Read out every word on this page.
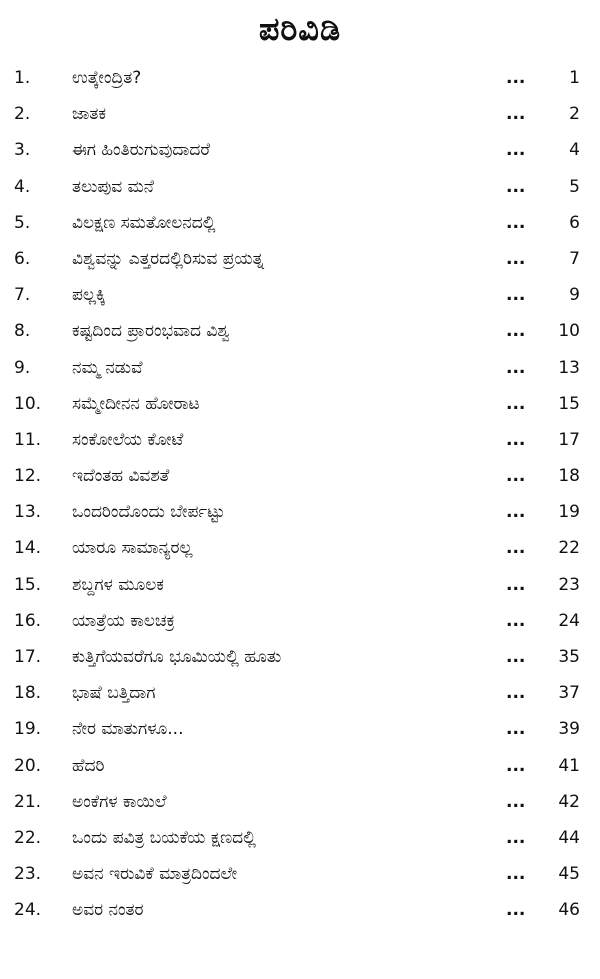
ಪರಿವಿಡಿ
1.	ಉತ್ಕೇಂದ್ರಿತ?	...	1
2.	ಜಾತಕ	...	2
3.	ಈಗ ಹಿಂತಿರುಗುವುದಾದರೆ	...	4
4.	ತಲುಪುವ ಮನೆ	...	5
5.	ವಿಲಕ್ಷಣ ಸಮತೋಲನದಲ್ಲಿ	...	6
6.	ವಿಶ್ವವನ್ನು ಎತ್ತರದಲ್ಲಿರಿಸುವ ಪ್ರಯತ್ನ	...	7
7.	ಪಲ್ಲಕ್ಕಿ	...	9
8.	ಕಷ್ಟದಿಂದ ಪ್ರಾರಂಭವಾದ ವಿಶ್ವ	...	10
9.	ನಮ್ಮ ನಡುವೆ	...	13
10.	ಸಮ್ಮೇದೀನನ ಹೋರಾಟ	...	15
11.	ಸಂಕೋಲೆಯ ಕೋಟೆ	...	17
12.	ಇದೆಂತಹ ವಿವಶತೆ	...	18
13.	ಒಂದರಿಂದೊಂದು ಬೇರ್ಪಟ್ಟು	...	19
14.	ಯಾರೂ ಸಾಮಾನ್ಯರಲ್ಲ	...	22
15.	ಶಬ್ದಗಳ ಮೂಲಕ	...	23
16.	ಯಾತ್ರೆಯ ಕಾಲಚಕ್ರ	...	24
17.	ಕುತ್ತಿಗೆಯವರೆಗೂ ಭೂಮಿಯಲ್ಲಿ ಹೂತು	...	35
18.	ಭಾಷೆ ಬತ್ತಿದಾಗ	...	37
19.	ನೇರ ಮಾತುಗಳೂ...	...	39
20.	ಹೆದರಿ	...	41
21.	ಅಂಕೆಗಳ ಕಾಯಿಲೆ	...	42
22.	ಒಂದು ಪವಿತ್ರ ಬಯಕೆಯ ಕ್ಷಣದಲ್ಲಿ	...	44
23.	ಅವನ ಇರುವಿಕೆ ಮಾತ್ರದಿಂದಲೇ	...	45
24.	ಅವರ ನಂತರ	...	46
